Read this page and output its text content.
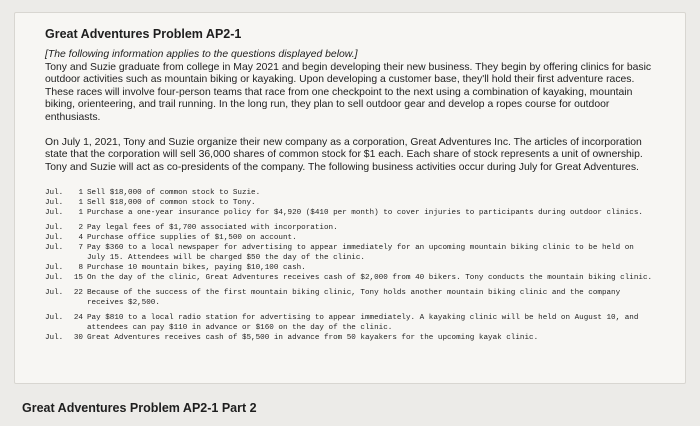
Great Adventures Problem AP2-1

[The following information applies to the questions displayed below.]
Tony and Suzie graduate from college in May 2021 and begin developing their new business. They begin by offering clinics for basic outdoor activities such as mountain biking or kayaking. Upon developing a customer base, they'll hold their first adventure races. These races will involve four-person teams that race from one checkpoint to the next using a combination of kayaking, mountain biking, orienteering, and trail running. In the long run, they plan to sell outdoor gear and develop a ropes course for outdoor enthusiasts.

On July 1, 2021, Tony and Suzie organize their new company as a corporation, Great Adventures Inc. The articles of incorporation state that the corporation will sell 36,000 shares of common stock for $1 each. Each share of stock represents a unit of ownership. Tony and Suzie will act as co-presidents of the company. The following business activities occur during July for Great Adventures.

Jul.	1 Sell $18,000 of common stock to Suzie.
Jul.	1 Sell $18,000 of common stock to Tony.
Jul.	1 Purchase a one-year insurance policy for $4,920 ($410 per month) to cover injuries to participants during outdoor clinics.
Jul.	2 Pay legal fees of $1,700 associated with incorporation.
Jul.	4 Purchase office supplies of $1,500 on account.
Jul.	7 Pay $360 to a local newspaper for advertising to appear immediately for an upcoming mountain biking clinic to be held on July 15. Attendees will be charged $50 the day of the clinic.
Jul.	8 Purchase 10 mountain bikes, paying $10,100 cash.
Jul.	15 On the day of the clinic, Great Adventures receives cash of $2,000 from 40 bikers. Tony conducts the mountain biking clinic.
Jul.	22 Because of the success of the first mountain biking clinic, Tony holds another mountain biking clinic and the company receives $2,500.
Jul.	24 Pay $810 to a local radio station for advertising to appear immediately. A kayaking clinic will be held on August 10, and attendees can pay $110 in advance or $160 on the day of the clinic.
Jul.	30 Great Adventures receives cash of $5,500 in advance from 50 kayakers for the upcoming kayak clinic.
Great Adventures Problem AP2-1 Part 2
